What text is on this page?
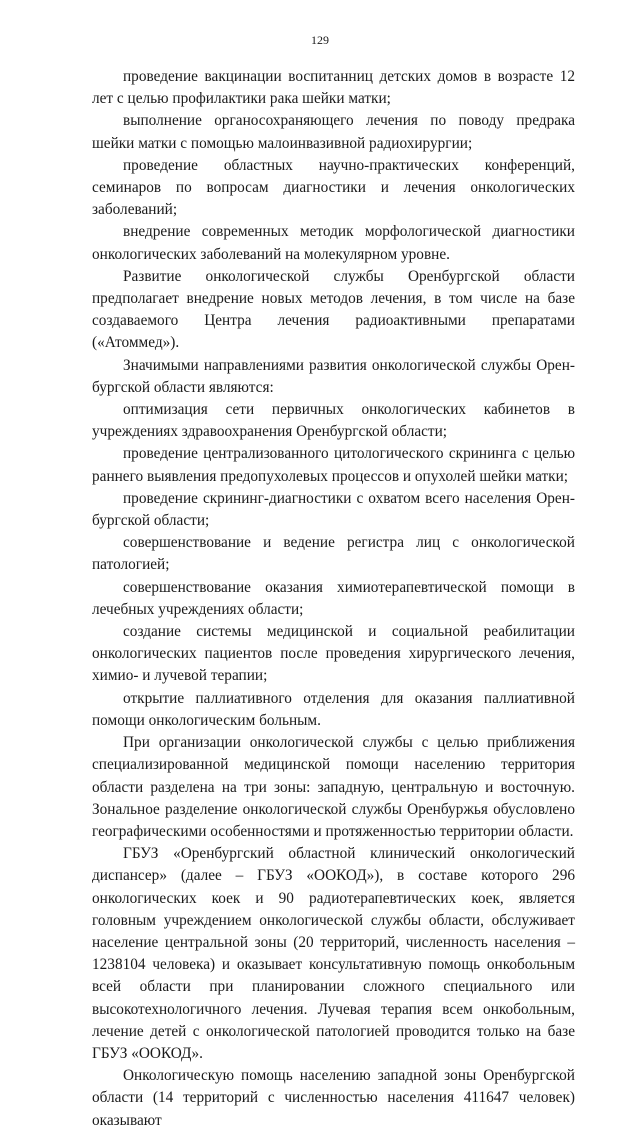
129

проведение вакцинации воспитанниц детских домов в возрасте 12 лет с целью профилактики рака шейки матки;

выполнение органосохраняющего лечения по поводу предрака шейки матки с помощью малоинвазивной радиохирургии;

проведение областных научно-практических конференций, семинаров по вопросам диагностики и лечения онкологических заболеваний;

внедрение современных методик морфологической диагностики онкологических заболеваний на молекулярном уровне.

Развитие онкологической службы Оренбургской области предполагает внедрение новых методов лечения, в том числе на базе создаваемого Центра лечения радиоактивными препаратами («Атоммед»).

Значимыми направлениями развития онкологической службы Оренбургской области являются:

оптимизация сети первичных онкологических кабинетов в учреждениях здравоохранения Оренбургской области;

проведение централизованного цитологического скрининга с целью раннего выявления предопухолевых процессов и опухолей шейки матки;

проведение скрининг-диагностики с охватом всего населения Оренбургской области;

совершенствование и ведение регистра лиц с онкологической патологией;

совершенствование оказания химиотерапевтической помощи в лечебных учреждениях области;

создание системы медицинской и социальной реабилитации онкологических пациентов после проведения хирургического лечения, химио- и лучевой терапии;

открытие паллиативного отделения для оказания паллиативной помощи онкологическим больным.

При организации онкологической службы с целью приближения специализированной медицинской помощи населению территория области разделена на три зоны: западную, центральную и восточную. Зональное разделение онкологической службы Оренбуржья обусловлено географическими особенностями и протяженностью территории области.

ГБУЗ «Оренбургский областной клинический онкологический диспансер» (далее – ГБУЗ «ООКОД»), в составе которого 296 онкологических коек и 90 радиотерапевтических коек, является головным учреждением онкологической службы области, обслуживает население центральной зоны (20 территорий, численность населения – 1238104 человека) и оказывает консультативную помощь онкобольным всей области при планировании сложного специального или высокотехнологичного лечения. Лучевая терапия всем онкобольным, лечение детей с онкологической патологией проводится только на базе ГБУЗ «ООКОД».

Онкологическую помощь населению западной зоны Оренбургской области (14 территорий с численностью населения 411647 человек) оказывают
